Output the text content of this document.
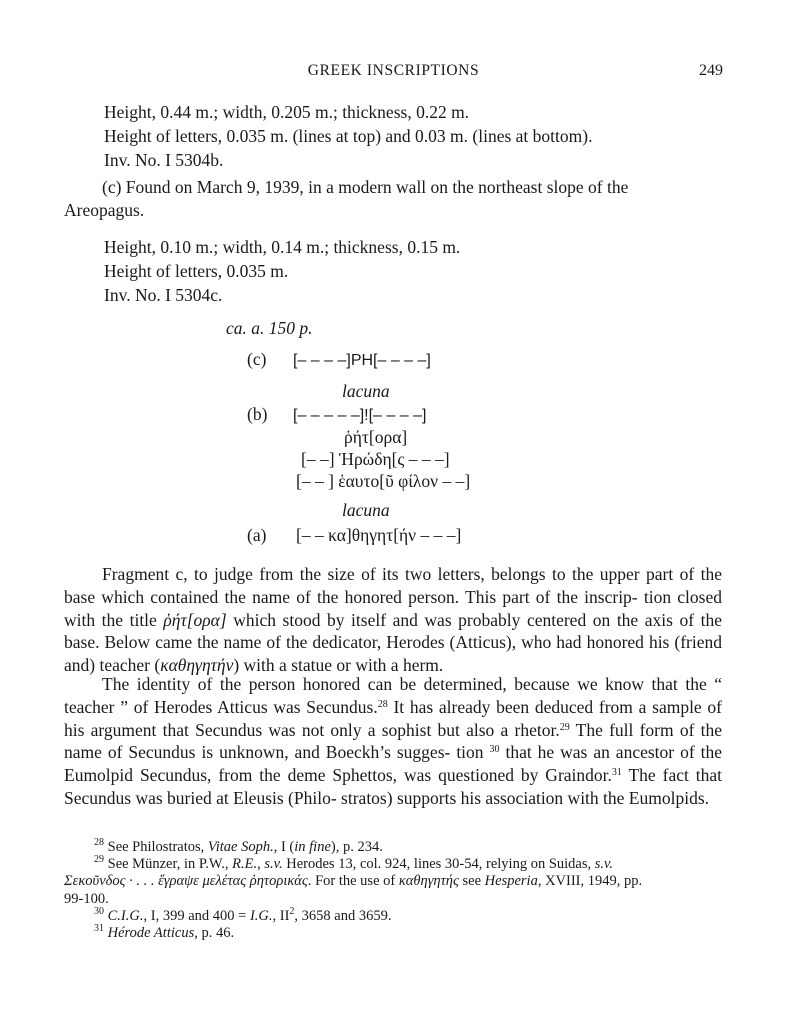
GREEK INSCRIPTIONS	249
Height, 0.44 m.; width, 0.205 m.; thickness, 0.22 m.
Height of letters, 0.035 m. (lines at top) and 0.03 m. (lines at bottom).
Inv. No. I 5304b.
(c) Found on March 9, 1939, in a modern wall on the northeast slope of the
Areopagus.
Height, 0.10 m.; width, 0.14 m.; thickness, 0.15 m.
Height of letters, 0.035 m.
Inv. No. I 5304c.
ca. a. 150 p.
(c) [– – – –]PH[– – – –]
lacuna
(b) [– – – – –]![– – – –]
ῥήτ[ορα]
[– –] Ἡρώδη[ς – – –]
[– – ] ἑαυτο[ῦ φίλον – –]
lacuna
(a) [– – κα]θηγητ[ήν – – –]

Fragment c, to judge from the size of its two letters, belongs to the upper part of the base which contained the name of the honored person. This part of the inscrip- tion closed with the title ῥήτ[ορα] which stood by itself and was probably centered on the axis of the base. Below came the name of the dedicator, Herodes (Atticus), who had honored his (friend and) teacher (καθηγητήν) with a statue or with a herm.

The identity of the person honored can be determined, because we know that the “ teacher ” of Herodes Atticus was Secundus.$^{28}$ It has already been deduced from a sample of his argument that Secundus was not only a sophist but also a rhetor.$^{29}$ The full form of the name of Secundus is unknown, and Boeckh’s sugges- tion $^{30}$ that he was an ancestor of the Eumolpid Secundus, from the deme Sphettos, was questioned by Graindor.$^{31}$ The fact that Secundus was buried at Eleusis (Philo- stratos) supports his association with the Eumolpids.

$^{28}$ See Philostratos, Vitae Soph., I (in fine), p. 234.
$^{29}$ See Münzer, in P.W., R.E., s.v. Herodes 13, col. 924, lines 30-54, relying on Suidas, s.v.
Σεκοῦνδος · . . . ἔγραψε μελέτας ῥητορικάς. For the use of καθηγητής see Hesperia, XVIII, 1949, pp.
99-100.
$^{30}$ C.I.G., I, 399 and 400 = I.G., $II^2$, 3658 and 3659.
$^{31}$ Hérode Atticus, p. 46.
